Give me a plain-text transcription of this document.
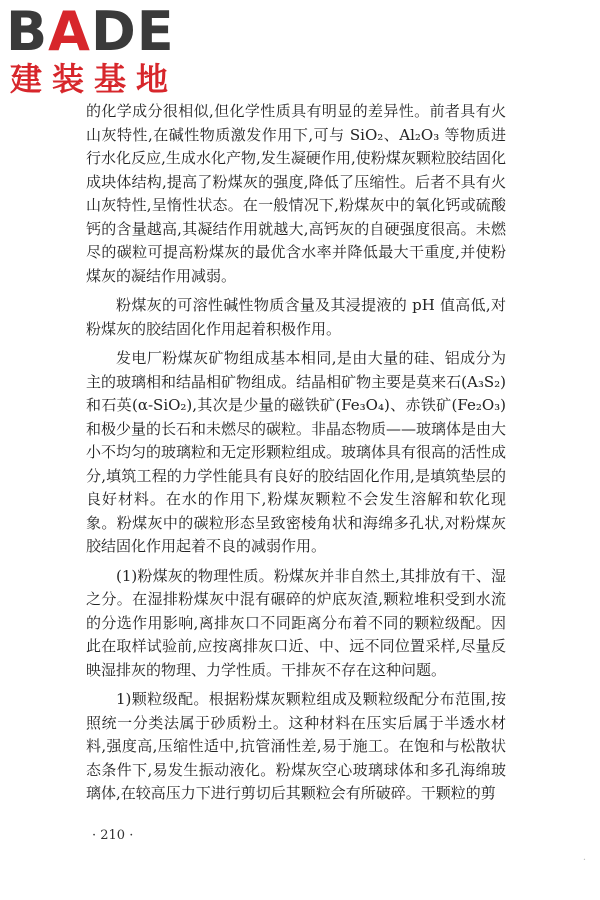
BADE
建装基地

的化学成分很相似,但化学性质具有明显的差异性。前者具有火山灰特性,在碱性物质激发作用下,可与 SiO₂、Al₂O₃ 等物质进行水化反应,生成水化产物,发生凝硬作用,使粉煤灰颗粒胶结固化成块体结构,提高了粉煤灰的强度,降低了压缩性。后者不具有火山灰特性,呈惰性状态。在一般情况下,粉煤灰中的氧化钙或硫酸钙的含量越高,其凝结作用就越大,高钙灰的自硬强度很高。未燃尽的碳粒可提高粉煤灰的最优含水率并降低最大干重度,并使粉煤灰的凝结作用减弱。

粉煤灰的可溶性碱性物质含量及其浸提液的 pH 值高低,对粉煤灰的胶结固化作用起着积极作用。

发电厂粉煤灰矿物组成基本相同,是由大量的硅、铝成分为主的玻璃相和结晶相矿物组成。结晶相矿物主要是莫来石(A₃S₂)和石英(α-SiO₂),其次是少量的磁铁矿(Fe₃O₄)、赤铁矿(Fe₂O₃)和极少量的长石和未燃尽的碳粒。非晶态物质——玻璃体是由大小不均匀的玻璃粒和无定形颗粒组成。玻璃体具有很高的活性成分,填筑工程的力学性能具有良好的胶结固化作用,是填筑垫层的良好材料。在水的作用下,粉煤灰颗粒不会发生溶解和软化现象。粉煤灰中的碳粒形态呈致密棱角状和海绵多孔状,对粉煤灰胶结固化作用起着不良的减弱作用。

(1)粉煤灰的物理性质。粉煤灰并非自然土,其排放有干、湿之分。在湿排粉煤灰中混有碾碎的炉底灰渣,颗粒堆积受到水流的分选作用影响,离排灰口不同距离分布着不同的颗粒级配。因此在取样试验前,应按离排灰口近、中、远不同位置采样,尽量反映湿排灰的物理、力学性质。干排灰不存在这种问题。

1)颗粒级配。根据粉煤灰颗粒组成及颗粒级配分布范围,按照统一分类法属于砂质粉土。这种材料在压实后属于半透水材料,强度高,压缩性适中,抗管涌性差,易于施工。在饱和与松散状态条件下,易发生振动液化。粉煤灰空心玻璃球体和多孔海绵玻璃体,在较高压力下进行剪切后其颗粒会有所破碎。干颗粒的剪

· 210 ·
·
